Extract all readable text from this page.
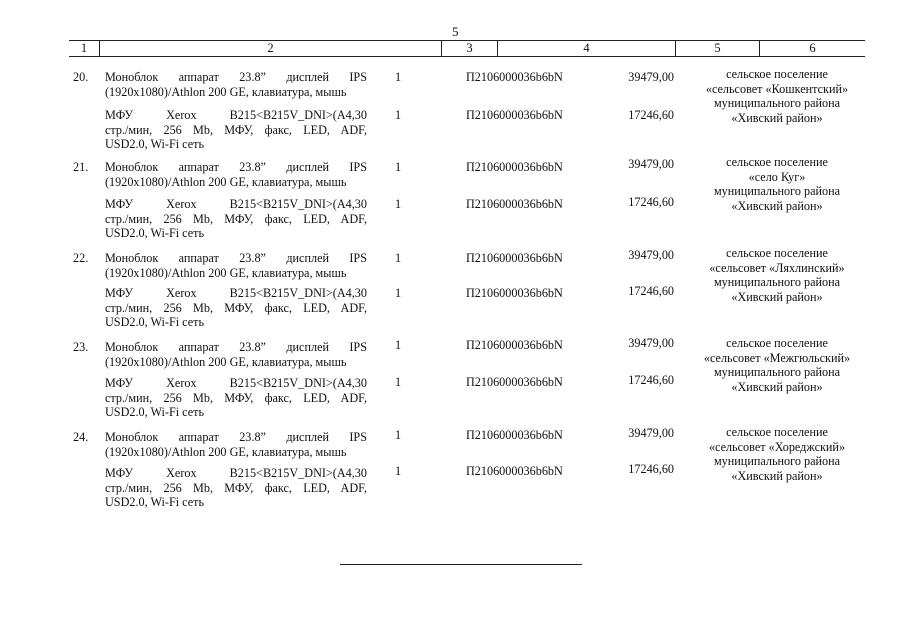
5
1	2	3	4	5	6
20. Моноблок аппарат 23.8” дисплей IPS
(1920x1080)/Athlon 200 GE, клавиатура, мышь
1	П2106000036b6bN	39479,00
МФУ Xerox B215<B215V_DNI>(A4,30
стр./мин, 256 Mb, МФУ, факс, LED, ADF,
USD2.0, Wi-Fi сеть
1	П2106000036b6bN	17246,60
сельское поселение
«сельсовет «Кошкентский»
муниципального района
«Хивский район»
21. Моноблок аппарат 23.8” дисплей IPS
(1920x1080)/Athlon 200 GE, клавиатура, мышь
1	П2106000036b6bN	39479,00
МФУ Xerox B215<B215V_DNI>(A4,30
стр./мин, 256 Mb, МФУ, факс, LED, ADF,
USD2.0, Wi-Fi сеть
1	П2106000036b6bN	17246,60
сельское поселение
«село Куг»
муниципального района
«Хивский район»
22. Моноблок аппарат 23.8” дисплей IPS
(1920x1080)/Athlon 200 GE, клавиатура, мышь
1	П2106000036b6bN	39479,00
МФУ Xerox B215<B215V_DNI>(A4,30
стр./мин, 256 Mb, МФУ, факс, LED, ADF,
USD2.0, Wi-Fi сеть
1	П2106000036b6bN	17246,60
сельское поселение
«сельсовет «Ляхлинский»
муниципального района
«Хивский район»
23. Моноблок аппарат 23.8” дисплей IPS
(1920x1080)/Athlon 200 GE, клавиатура, мышь
1	П2106000036b6bN	39479,00
МФУ Xerox B215<B215V_DNI>(A4,30
стр./мин, 256 Mb, МФУ, факс, LED, ADF,
USD2.0, Wi-Fi сеть
1	П2106000036b6bN	17246,60
сельское поселение
«сельсовет «Межгюльский»
муниципального района
«Хивский район»
24. Моноблок аппарат 23.8” дисплей IPS
(1920x1080)/Athlon 200 GE, клавиатура, мышь
1	П2106000036b6bN	39479,00
МФУ Xerox B215<B215V_DNI>(A4,30
стр./мин, 256 Mb, МФУ, факс, LED, ADF,
USD2.0, Wi-Fi сеть
1	П2106000036b6bN	17246,60
сельское поселение
«сельсовет «Хореджский»
муниципального района
«Хивский район»
